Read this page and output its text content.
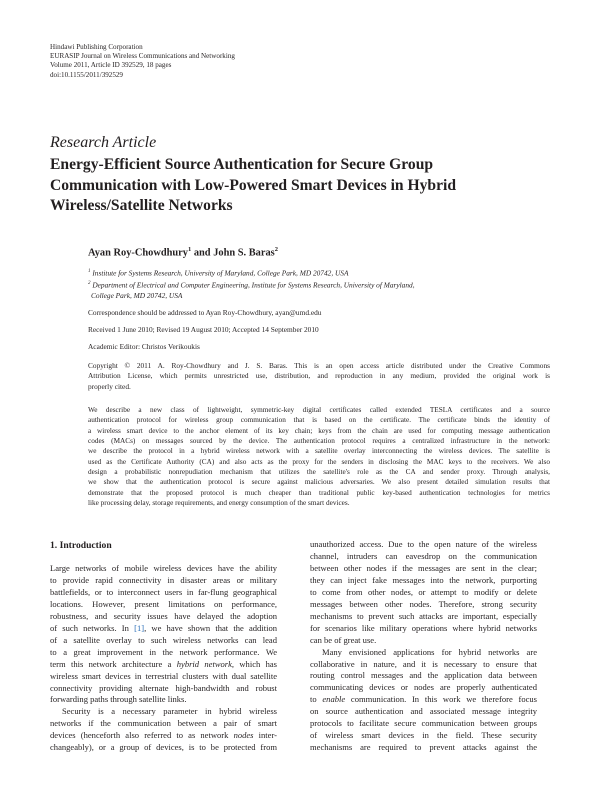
Hindawi Publishing Corporation
EURASIP Journal on Wireless Communications and Networking
Volume 2011, Article ID 392529, 18 pages
doi:10.1155/2011/392529
Research Article
Energy-Efficient Source Authentication for Secure Group
Communication with Low-Powered Smart Devices in Hybrid
Wireless/Satellite Networks
Ayan Roy-Chowdhury$^1$ and John S. Baras$^2$
$^1$ Institute for Systems Research, University of Maryland, College Park, MD 20742, USA
$^2$ Department of Electrical and Computer Engineering, Institute for Systems Research, University of Maryland,
College Park, MD 20742, USA
Correspondence should be addressed to Ayan Roy-Chowdhury, ayan@umd.edu
Received 1 June 2010; Revised 19 August 2010; Accepted 14 September 2010
Academic Editor: Christos Verikoukis
Copyright © 2011 A. Roy-Chowdhury and J. S. Baras. This is an open access article distributed under the Creative Commons
Attribution License, which permits unrestricted use, distribution, and reproduction in any medium, provided the original work is
properly cited.
We describe a new class of lightweight, symmetric-key digital certificates called extended TESLA certificates and a source
authentication protocol for wireless group communication that is based on the certificate. The certificate binds the identity of
a wireless smart device to the anchor element of its key chain; keys from the chain are used for computing message authentication
codes (MACs) on messages sourced by the device. The authentication protocol requires a centralized infrastructure in the network:
we describe the protocol in a hybrid wireless network with a satellite overlay interconnecting the wireless devices. The satellite is
used as the Certificate Authority (CA) and also acts as the proxy for the senders in disclosing the MAC keys to the receivers. We also
design a probabilistic nonrepudiation mechanism that utilizes the satellite's role as the CA and sender proxy. Through analysis,
we show that the authentication protocol is secure against malicious adversaries. We also present detailed simulation results that
demonstrate that the proposed protocol is much cheaper than traditional public key-based authentication technologies for metrics
like processing delay, storage requirements, and energy consumption of the smart devices.
1. Introduction
Large networks of mobile wireless devices have the ability
to provide rapid connectivity in disaster areas or military
battlefields, or to interconnect users in far-flung geographical
locations. However, present limitations on performance,
robustness, and security issues have delayed the adoption
of such networks. In [1], we have shown that the addition
of a satellite overlay to such wireless networks can lead
to a great improvement in the network performance. We
term this network architecture a hybrid network, which has
wireless smart devices in terrestrial clusters with dual satellite
connectivity providing alternate high-bandwidth and robust
forwarding paths through satellite links.
Security is a necessary parameter in hybrid wireless
networks if the communication between a pair of smart
devices (henceforth also referred to as network nodes inter-
changeably), or a group of devices, is to be protected from
unauthorized access. Due to the open nature of the wireless
channel, intruders can eavesdrop on the communication
between other nodes if the messages are sent in the clear;
they can inject fake messages into the network, purporting
to come from other nodes, or attempt to modify or delete
messages between other nodes. Therefore, strong security
mechanisms to prevent such attacks are important, especially
for scenarios like military operations where hybrid networks
can be of great use.
Many envisioned applications for hybrid networks are
collaborative in nature, and it is necessary to ensure that
routing control messages and the application data between
communicating devices or nodes are properly authenticated
to enable communication. In this work we therefore focus
on source authentication and associated message integrity
protocols to facilitate secure communication between groups
of wireless smart devices in the field. These security
mechanisms are required to prevent attacks against the
